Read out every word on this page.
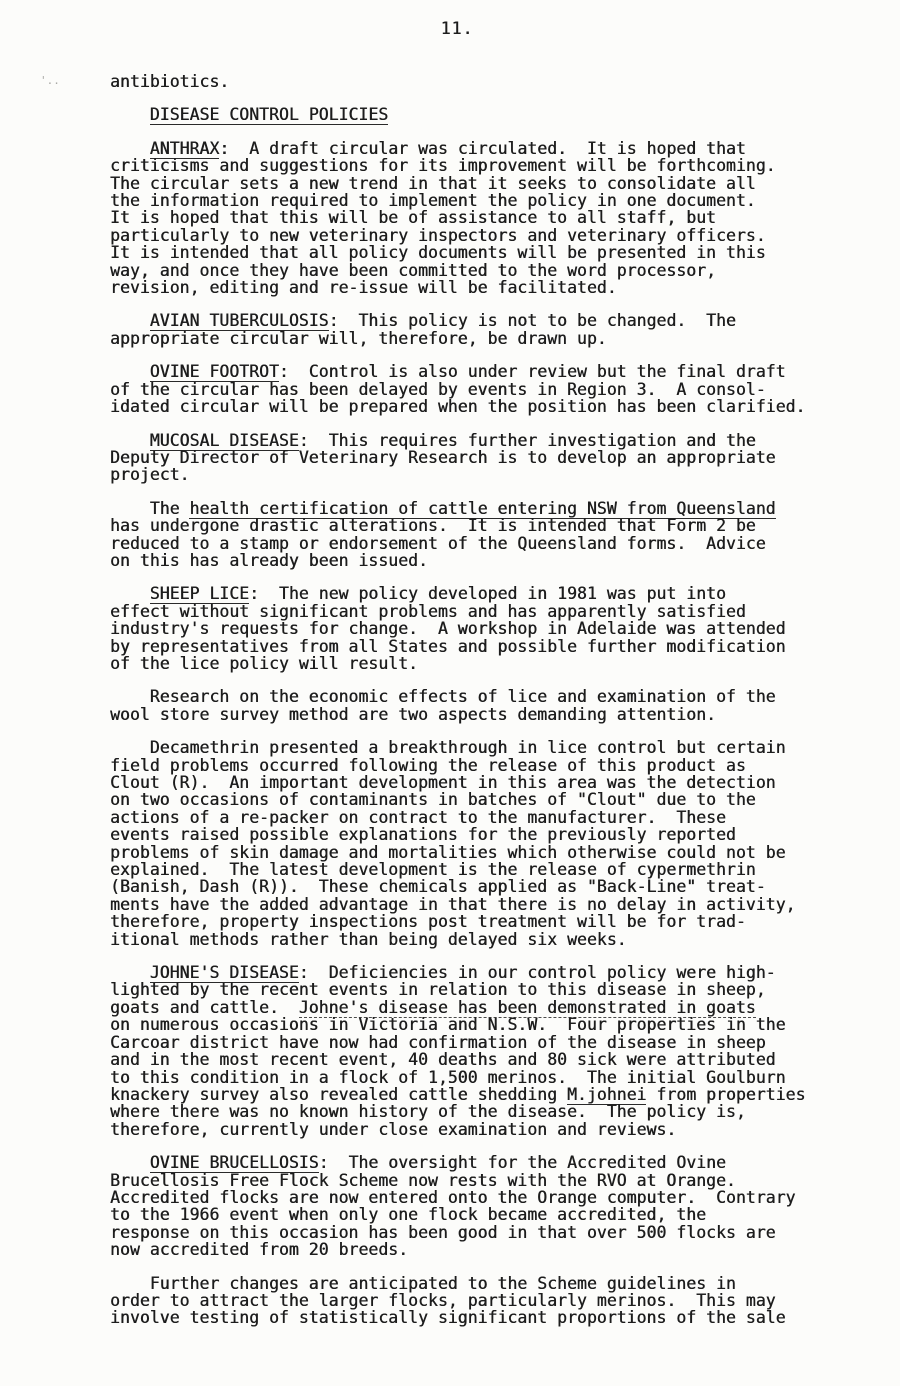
11.
'..	antibiotics.
DISEASE CONTROL POLICIES
ANTHRAX:  A draft circular was circulated.  It is hoped that
criticisms and suggestions for its improvement will be forthcoming.
The circular sets a new trend in that it seeks to consolidate all
the information required to implement the policy in one document.
It is hoped that this will be of assistance to all staff, but
particularly to new veterinary inspectors and veterinary officers.
It is intended that all policy documents will be presented in this
way, and once they have been committed to the word processor,
revision, editing and re-issue will be facilitated.
AVIAN TUBERCULOSIS:  This policy is not to be changed.  The
appropriate circular will, therefore, be drawn up.
OVINE FOOTROT:  Control is also under review but the final draft
of the circular has been delayed by events in Region 3.  A consol-
idated circular will be prepared when the position has been clarified.
MUCOSAL DISEASE:  This requires further investigation and the
Deputy Director of Veterinary Research is to develop an appropriate
project.
The health certification of cattle entering NSW from Queensland
has undergone drastic alterations.  It is intended that Form 2 be
reduced to a stamp or endorsement of the Queensland forms.  Advice
on this has already been issued.
SHEEP LICE:  The new policy developed in 1981 was put into
effect without significant problems and has apparently satisfied
industry's requests for change.  A workshop in Adelaide was attended
by representatives from all States and possible further modification
of the lice policy will result.
Research on the economic effects of lice and examination of the
wool store survey method are two aspects demanding attention.
Decamethrin presented a breakthrough in lice control but certain
field problems occurred following the release of this product as
Clout (R).  An important development in this area was the detection
on two occasions of contaminants in batches of "Clout" due to the
actions of a re-packer on contract to the manufacturer.  These
events raised possible explanations for the previously reported
problems of skin damage and mortalities which otherwise could not be
explained.  The latest development is the release of cypermethrin
(Banish, Dash (R)).  These chemicals applied as "Back-Line" treat-
ments have the added advantage in that there is no delay in activity,
therefore, property inspections post treatment will be for trad-
itional methods rather than being delayed six weeks.
JOHNE'S DISEASE:  Deficiencies in our control policy were high-
lighted by the recent events in relation to this disease in sheep,
goats and cattle.  Johne's disease has been demonstrated in goats
on numerous occasions in Victoria and N.S.W.  Four properties in the
Carcoar district have now had confirmation of the disease in sheep
and in the most recent event, 40 deaths and 80 sick were attributed
to this condition in a flock of 1,500 merinos.  The initial Goulburn
knackery survey also revealed cattle shedding M.johnei from properties
where there was no known history of the disease.  The policy is,
therefore, currently under close examination and reviews.
OVINE BRUCELLOSIS:  The oversight for the Accredited Ovine
Brucellosis Free Flock Scheme now rests with the RVO at Orange.
Accredited flocks are now entered onto the Orange computer.  Contrary
to the 1966 event when only one flock became accredited, the
response on this occasion has been good in that over 500 flocks are
now accredited from 20 breeds.
Further changes are anticipated to the Scheme guidelines in
order to attract the larger flocks, particularly merinos.  This may
involve testing of statistically significant proportions of the sale
